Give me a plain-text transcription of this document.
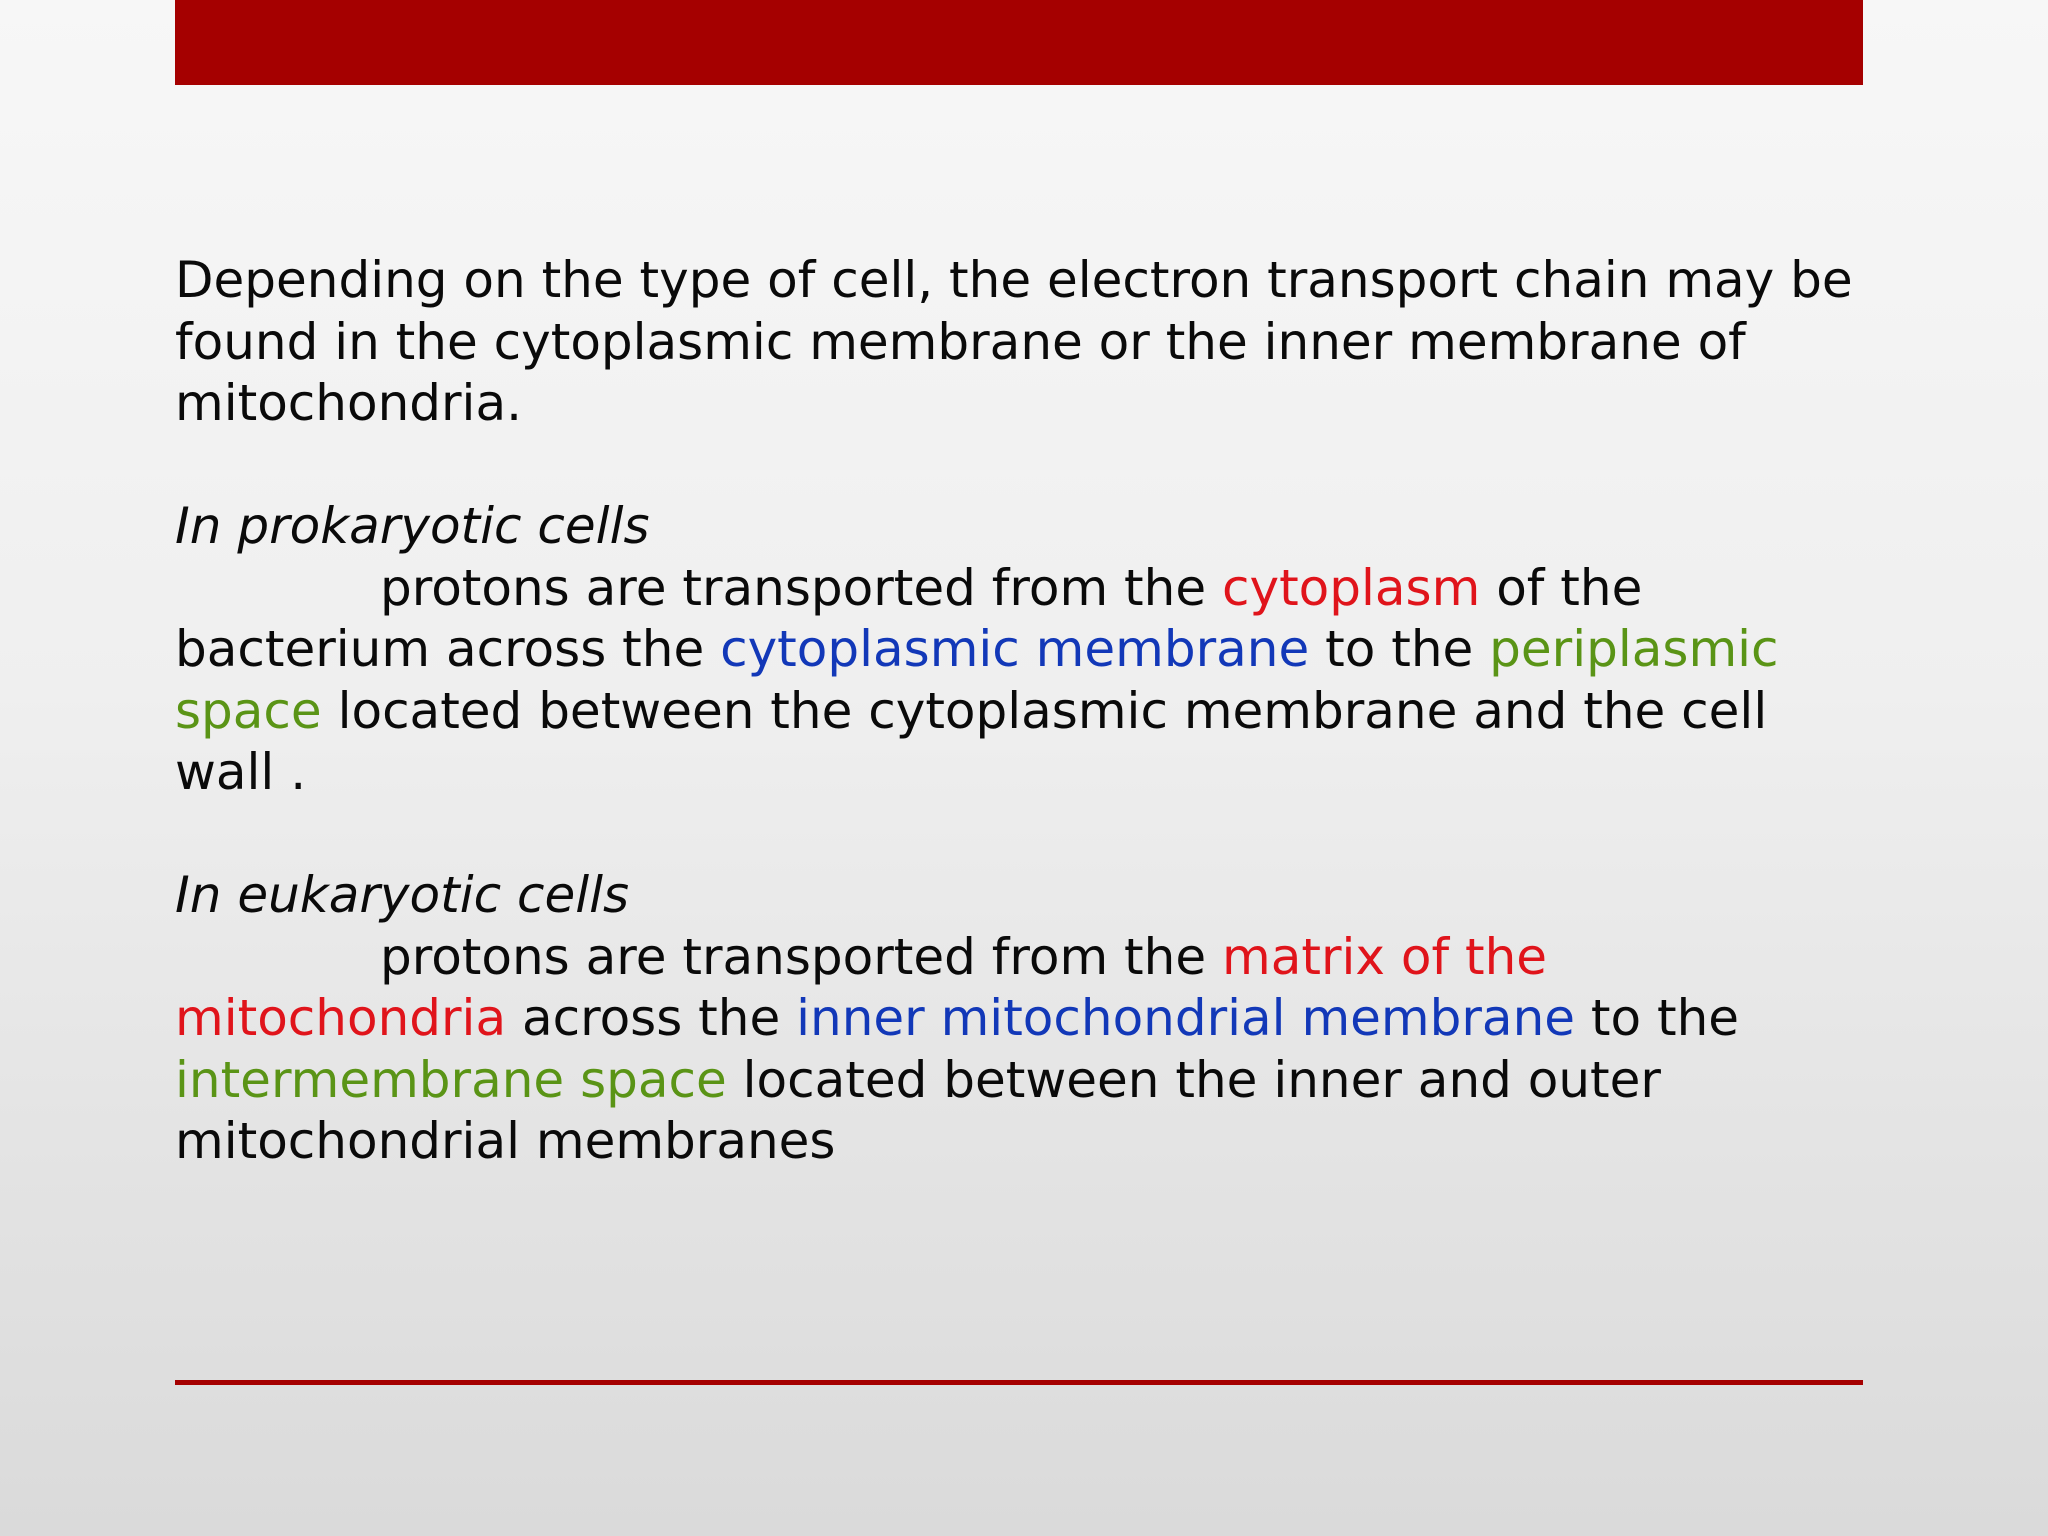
Depending on the type of cell, the electron transport chain may be found in the cytoplasmic membrane or the inner membrane of mitochondria.

In prokaryotic cells

protons are transported from the cytoplasm of the bacterium across the cytoplasmic membrane to the periplasmic space located between the cytoplasmic membrane and the cell wall .

In eukaryotic cells

protons are transported from the matrix of the mitochondria across the inner mitochondrial membrane to the intermembrane space located between the inner and outer mitochondrial membranes
